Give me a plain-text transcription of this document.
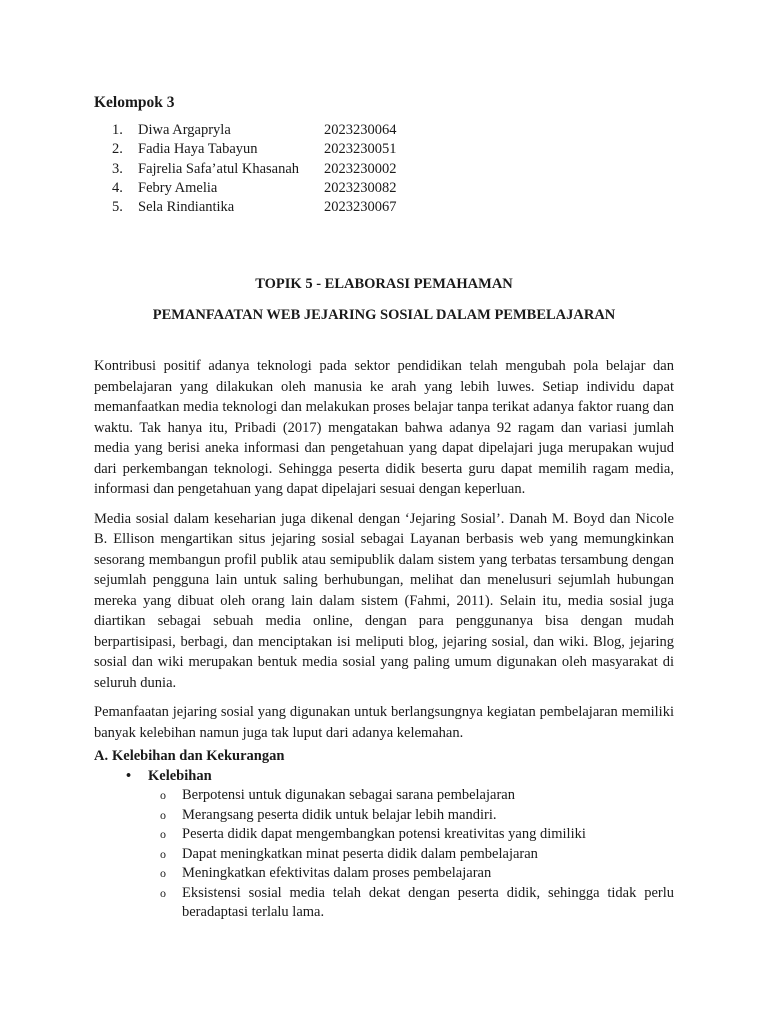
Kelompok 3
1.	Diwa Argapryla	2023230064
2.	Fadia Haya Tabayun	2023230051
3.	Fajrelia Safa’atul Khasanah	2023230002
4.	Febry Amelia	2023230082
5.	Sela Rindiantika	2023230067
TOPIK 5 - ELABORASI PEMAHAMAN
PEMANFAATAN WEB JEJARING SOSIAL DALAM PEMBELAJARAN

Kontribusi positif adanya teknologi pada sektor pendidikan telah mengubah pola belajar dan pembelajaran yang dilakukan oleh manusia ke arah yang lebih luwes. Setiap individu dapat memanfaatkan media teknologi dan melakukan proses belajar tanpa terikat adanya faktor ruang dan waktu. Tak hanya itu, Pribadi (2017) mengatakan bahwa adanya 92 ragam dan variasi jumlah media yang berisi aneka informasi dan pengetahuan yang dapat dipelajari juga merupakan wujud dari perkembangan teknologi. Sehingga peserta didik beserta guru dapat memilih ragam media, informasi dan pengetahuan yang dapat dipelajari sesuai dengan keperluan.

Media sosial dalam keseharian juga dikenal dengan ‘Jejaring Sosial’. Danah M. Boyd dan Nicole B. Ellison mengartikan situs jejaring sosial sebagai Layanan berbasis web yang memungkinkan sesorang membangun profil publik atau semipublik dalam sistem yang terbatas tersambung dengan sejumlah pengguna lain untuk saling berhubungan, melihat dan menelusuri sejumlah hubungan mereka yang dibuat oleh orang lain dalam sistem (Fahmi, 2011). Selain itu, media sosial juga diartikan sebagai sebuah media online, dengan para penggunanya bisa dengan mudah berpartisipasi, berbagi, dan menciptakan isi meliputi blog, jejaring sosial, dan wiki. Blog, jejaring sosial dan wiki merupakan bentuk media sosial yang paling umum digunakan oleh masyarakat di seluruh dunia.

Pemanfaatan jejaring sosial yang digunakan untuk berlangsungnya kegiatan pembelajaran memiliki banyak kelebihan namun juga tak luput dari adanya kelemahan.

A. Kelebihan dan Kekurangan
•	Kelebihan
o	Berpotensi untuk digunakan sebagai sarana pembelajaran
o	Merangsang peserta didik untuk belajar lebih mandiri.
o	Peserta didik dapat mengembangkan potensi kreativitas yang dimiliki
o	Dapat meningkatkan minat peserta didik dalam pembelajaran
o	Meningkatkan efektivitas dalam proses pembelajaran
o	Eksistensi sosial media telah dekat dengan peserta didik, sehingga tidak perlu beradaptasi terlalu lama.
